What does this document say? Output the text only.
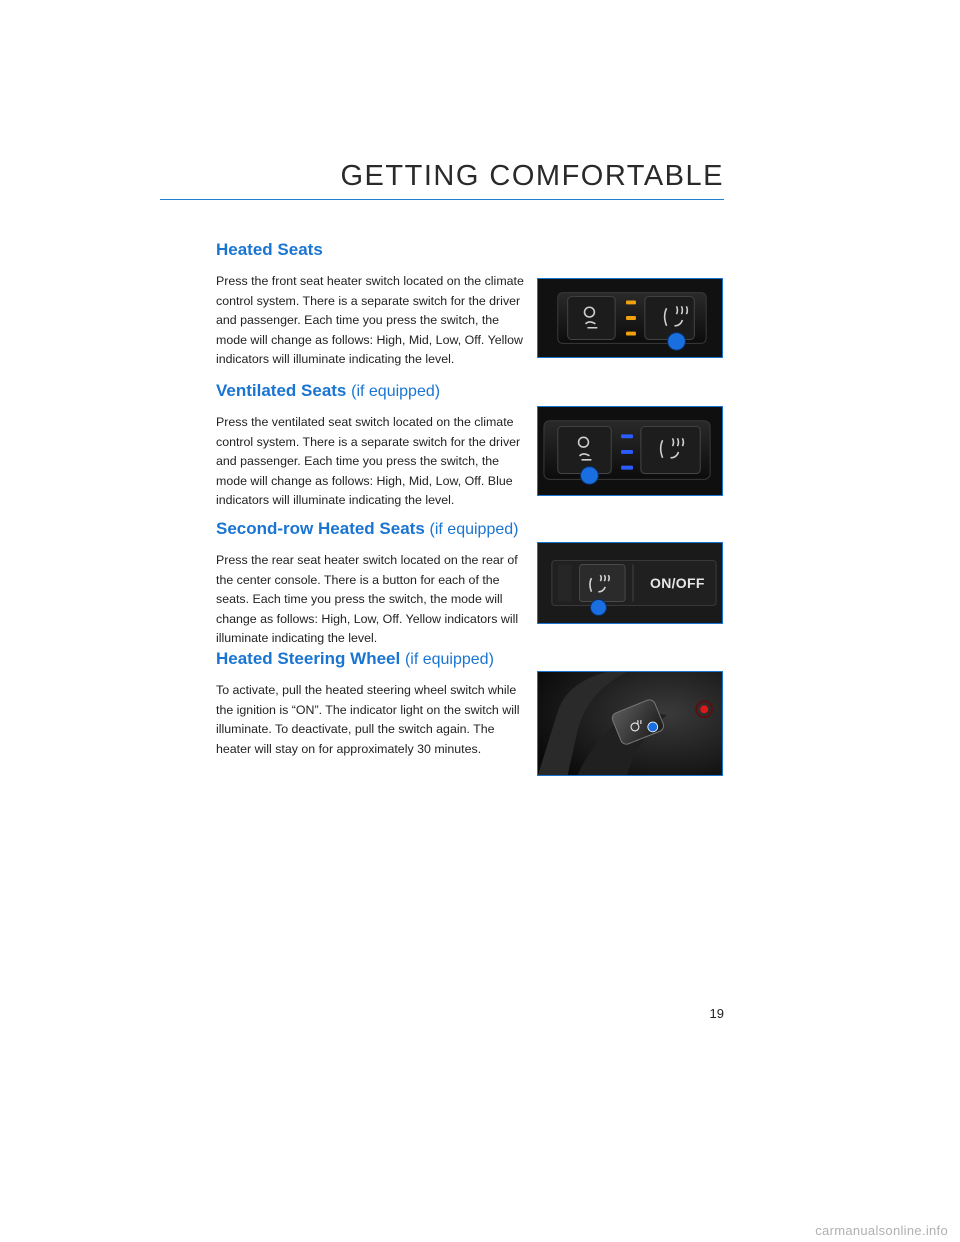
GETTING COMFORTABLE
Heated Seats

Press the front seat heater switch located on the climate control system. There is a separate switch for the driver and passenger. Each time you press the switch, the mode will change as follows: High, Mid, Low, Off. Yellow indicators will illuminate indicating the level.

Ventilated Seats (if equipped)

Press the ventilated seat switch located on the climate control system. There is a separate switch for the driver and passenger. Each time you press the switch, the mode will change as follows: High, Mid, Low, Off. Blue indicators will illuminate indicating the level.

Second-row Heated Seats (if equipped)

Press the rear seat heater switch located on the rear of the center console. There is a button for each of the seats. Each time you press the switch, the mode will change as follows: High, Low, Off. Yellow indicators will illuminate indicating the level.

ON/OFF
Heated Steering Wheel (if equipped)

To activate, pull the heated steering wheel switch while the ignition is “ON”. The indicator light on the switch will illuminate. To deactivate, pull the switch again. The heater will stay on for approximately 30 minutes.

19
carmanualsonline.info
